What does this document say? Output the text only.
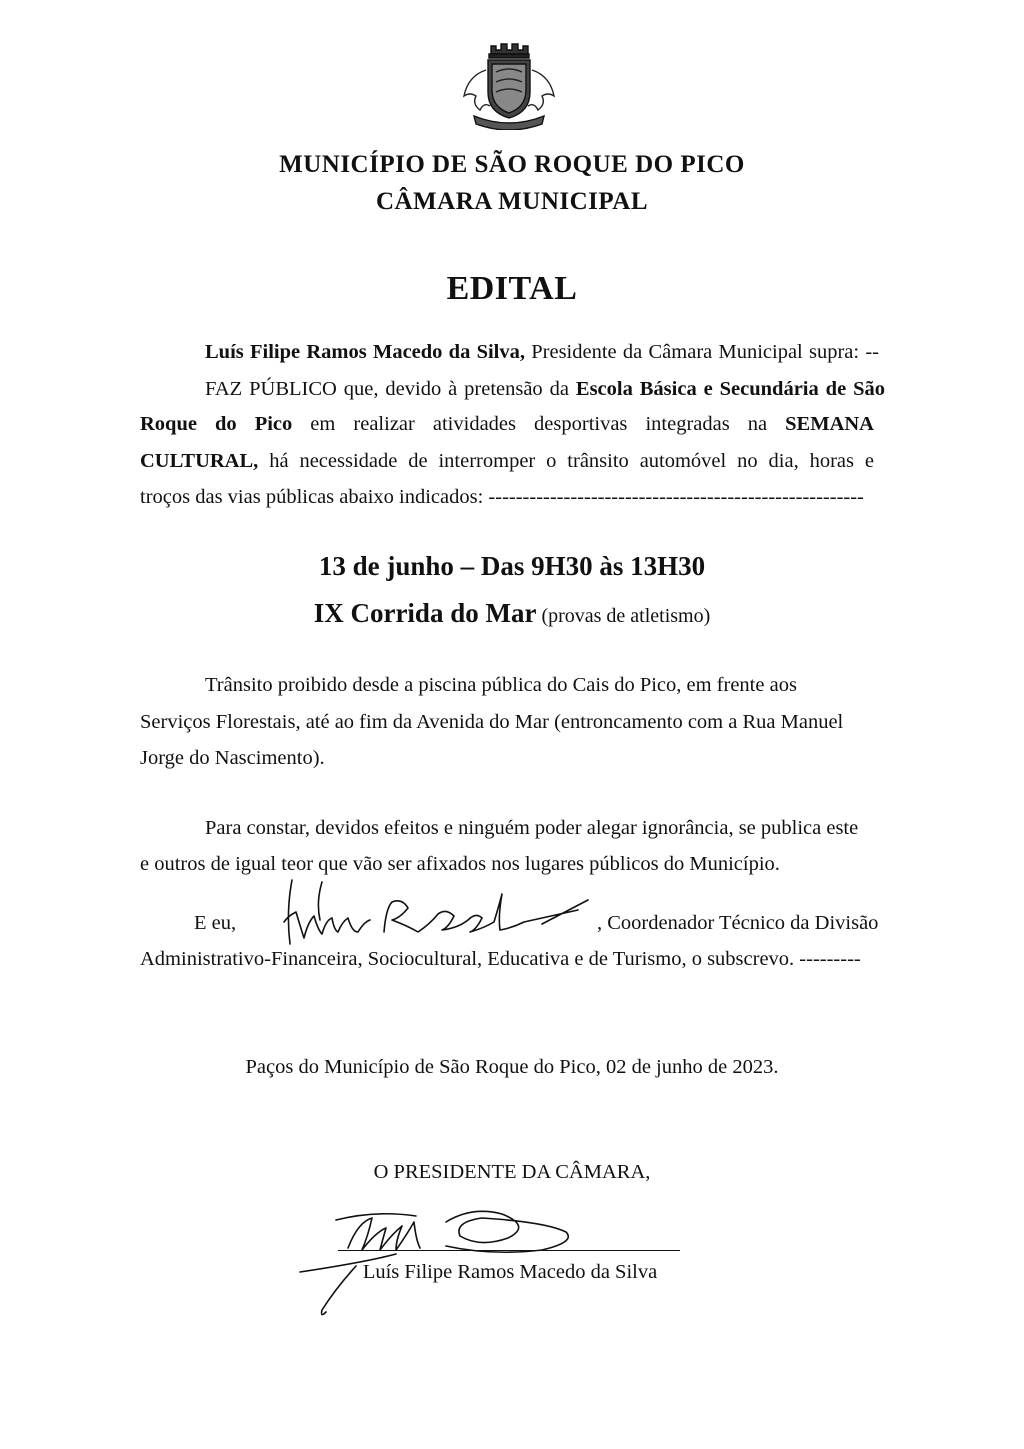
MUNICÍPIO DE SÃO ROQUE DO PICO
CÂMARA MUNICIPAL
EDITAL
Luís Filipe Ramos Macedo da Silva, Presidente da Câmara Municipal supra: --
FAZ PÚBLICO que, devido à pretensão da Escola Básica e Secundária de São
Roque do Pico em realizar atividades desportivas integradas na SEMANA
CULTURAL, há necessidade de interromper o trânsito automóvel no dia, horas e
troços das vias públicas abaixo indicados: -------------------------------------------------------
13 de junho – Das 9H30 às 13H30
IX Corrida do Mar (provas de atletismo)
Trânsito proibido desde a piscina pública do Cais do Pico, em frente aos
Serviços Florestais, até ao fim da Avenida do Mar (entroncamento com a Rua Manuel
Jorge do Nascimento).
Para constar, devidos efeitos e ninguém poder alegar ignorância, se publica este
e outros de igual teor que vão ser afixados nos lugares públicos do Município.
E eu,	, Coordenador Técnico da Divisão
Administrativo-Financeira, Sociocultural, Educativa e de Turismo, o subscrevo. ---------
Paços do Município de São Roque do Pico, 02 de junho de 2023.
O PRESIDENTE DA CÂMARA,
Luís Filipe Ramos Macedo da Silva
